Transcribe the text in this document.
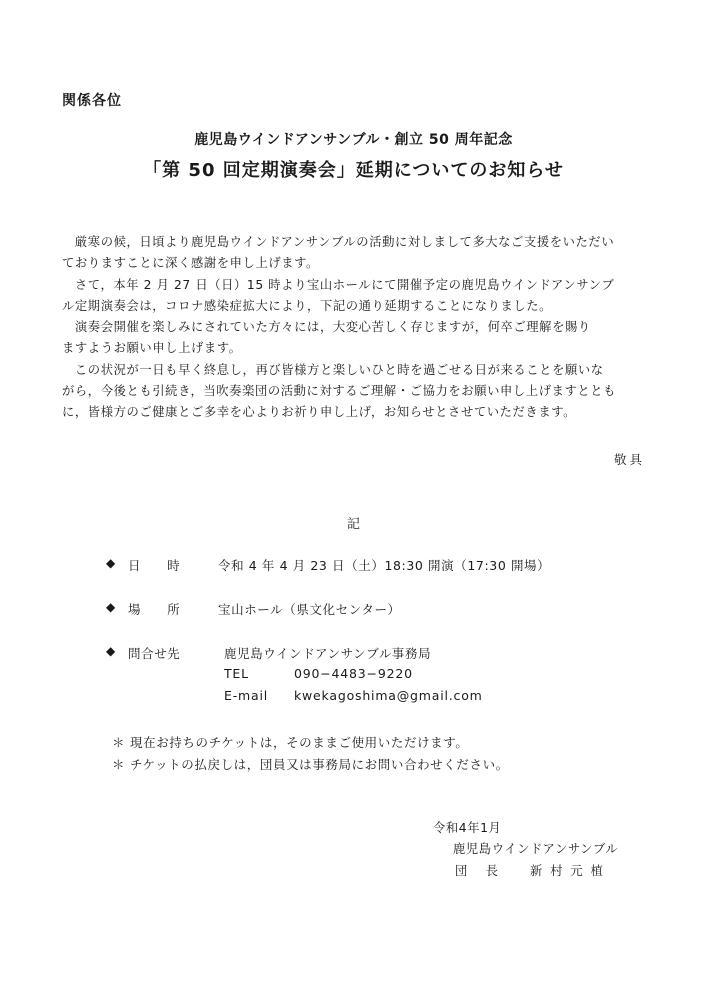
関係各位
鹿児島ウインドアンサンブル・創立 50 周年記念
「第 50 回定期演奏会」延期についてのお知らせ
　厳寒の候，日頃より鹿児島ウインドアンサンブルの活動に対しまして多大なご支援をいただい
ておりますことに深く感謝を申し上げます。
　さて，本年 2 月 27 日（日）15 時より宝山ホールにて開催予定の鹿児島ウインドアンサンブ
ル定期演奏会は，コロナ感染症拡大により，下記の通り延期することになりました。
　演奏会開催を楽しみにされていた方々には，大変心苦しく存じますが，何卒ご理解を賜り
ますようお願い申し上げます。
　この状況が一日も早く終息し，再び皆様方と楽しいひと時を過ごせる日が来ることを願いな
がら，今後とも引続き，当吹奏楽団の活動に対するご理解・ご協力をお願い申し上げますととも
に，皆様方のご健康とご多幸を心よりお祈り申し上げ，お知らせとさせていただきます。
敬具
記
◆ 日　　時	令和 4 年 4 月 23 日（土）18:30 開演（17:30 開場）
◆ 場　　所	宝山ホール（県文化センター）
◆ 問合せ先	鹿児島ウインドアンサンブル事務局
TEL	090−4483−9220
E-mail kwekagoshima@gmail.com
＊ 現在お持ちのチケットは，そのままご使用いただけます。
＊ チケットの払戻しは，団員又は事務局にお問い合わせください。
令和4年1月
鹿児島ウインドアンサンブル
団　長 新 村 元 植
